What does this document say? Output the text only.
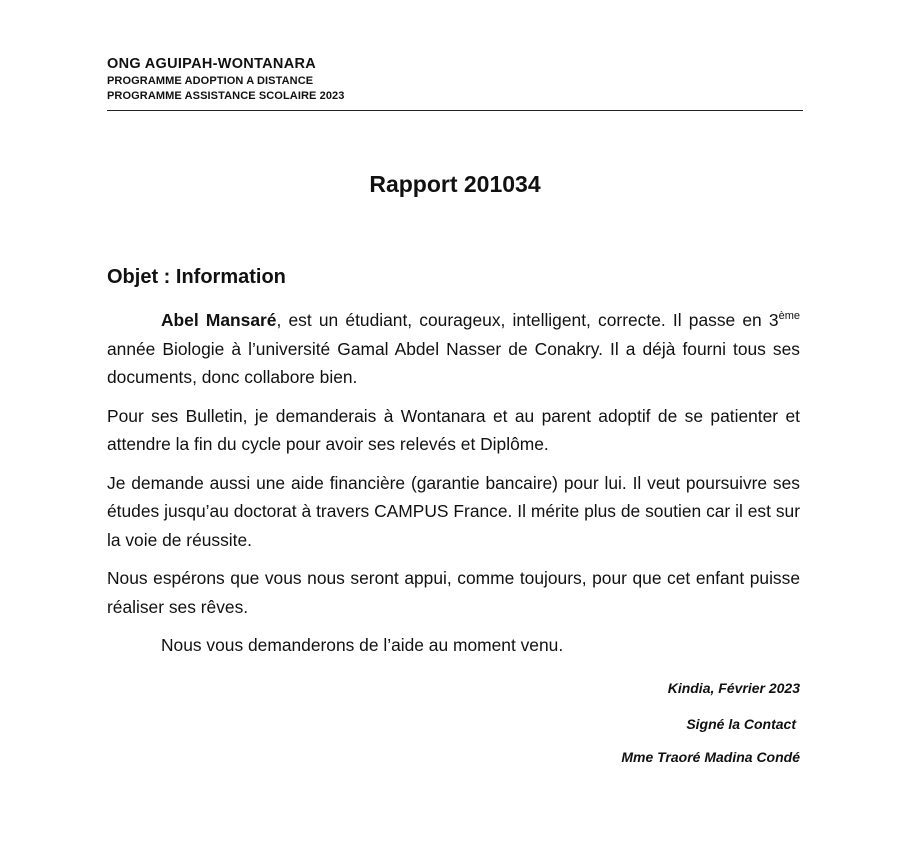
ONG AGUIPAH-WONTANARA
PROGRAMME ADOPTION A DISTANCE
PROGRAMME ASSISTANCE SCOLAIRE 2023
Rapport 201034
Objet : Information

Abel Mansaré, est un étudiant, courageux, intelligent, correcte. Il passe en 3ème année Biologie à l’université Gamal Abdel Nasser de Conakry. Il a déjà fourni tous ses documents, donc collabore bien.

Pour ses Bulletin, je demanderais à Wontanara et au parent adoptif de se patienter et attendre la fin du cycle pour avoir ses relevés et Diplôme.

Je demande aussi une aide financière (garantie bancaire) pour lui. Il veut poursuivre ses études jusqu’au doctorat à travers CAMPUS France. Il mérite plus de soutien car il est sur la voie de réussite.

Nous espérons que vous nous seront appui, comme toujours, pour que cet enfant puisse réaliser ses rêves.

Nous vous demanderons de l’aide au moment venu.

Kindia, Février 2023
Signé la Contact
Mme Traoré Madina Condé
